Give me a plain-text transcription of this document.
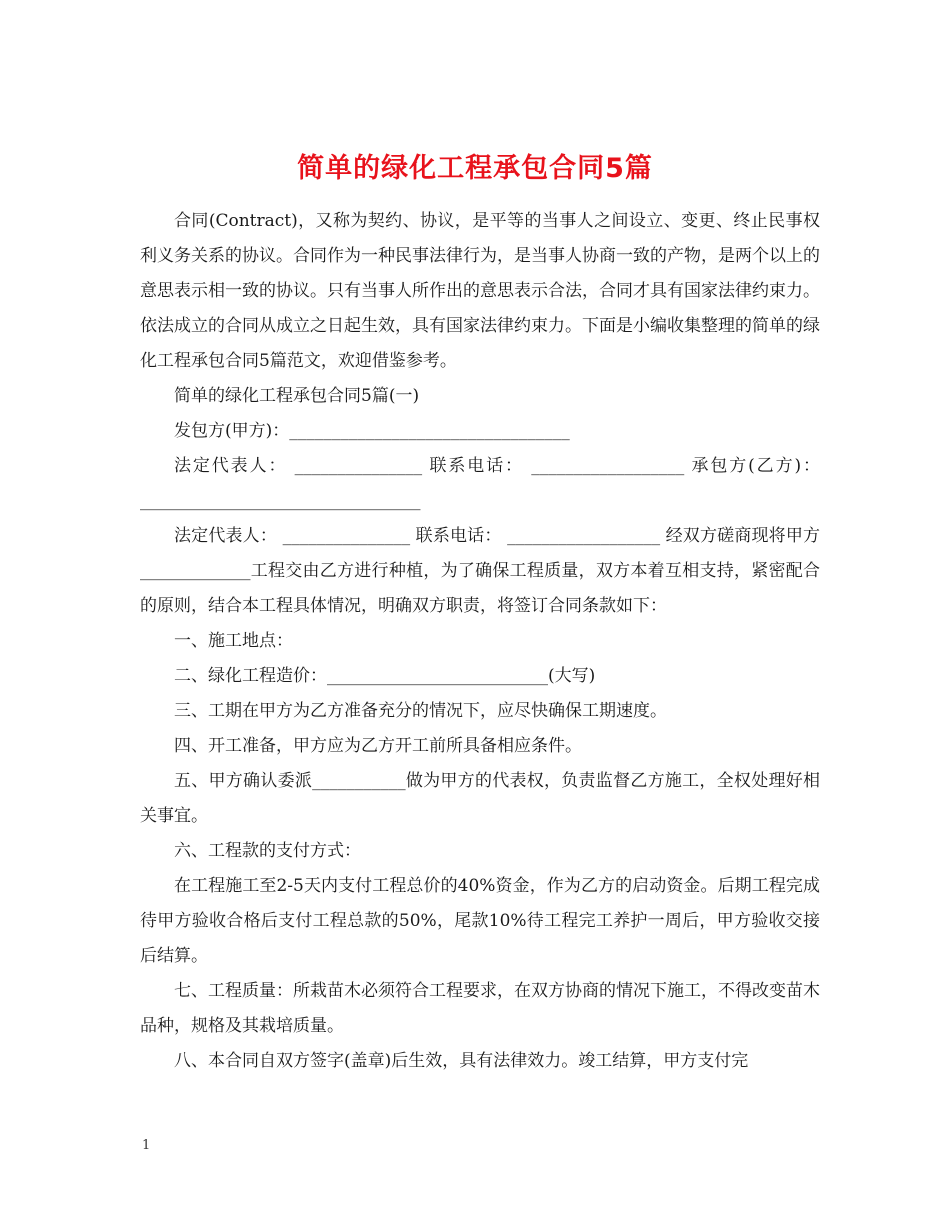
简单的绿化工程承包合同5篇

合同(Contract)，又称为契约、协议，是平等的当事人之间设立、变更、终止民事权利义务关系的协议。合同作为一种民事法律行为，是当事人协商一致的产物，是两个以上的意思表示相一致的协议。只有当事人所作出的意思表示合法，合同才具有国家法律约束力。依法成立的合同从成立之日起生效，具有国家法律约束力。下面是小编收集整理的简单的绿化工程承包合同5篇范文，欢迎借鉴参考。

简单的绿化工程承包合同5篇(一)

发包方(甲方)：_________________________________

法定代表人： _______________ 联系电话： __________________ 承包方(乙方)：_________________________________

法定代表人： _______________ 联系电话： __________________ 经双方磋商现将甲方_____________工程交由乙方进行种植，为了确保工程质量，双方本着互相支持，紧密配合的原则，结合本工程具体情况，明确双方职责，将签订合同条款如下：

一、施工地点：

二、绿化工程造价：__________________________(大写)

三、工期在甲方为乙方准备充分的情况下，应尽快确保工期速度。

四、开工准备，甲方应为乙方开工前所具备相应条件。

五、甲方确认委派___________做为甲方的代表权，负责监督乙方施工，全权处理好相关事宜。

六、工程款的支付方式：

在工程施工至2-5天内支付工程总价的40%资金，作为乙方的启动资金。后期工程完成待甲方验收合格后支付工程总款的50%，尾款10%待工程完工养护一周后，甲方验收交接后结算。

七、工程质量：所栽苗木必须符合工程要求，在双方协商的情况下施工，不得改变苗木品种，规格及其栽培质量。

八、本合同自双方签字(盖章)后生效，具有法律效力。竣工结算，甲方支付完

1
